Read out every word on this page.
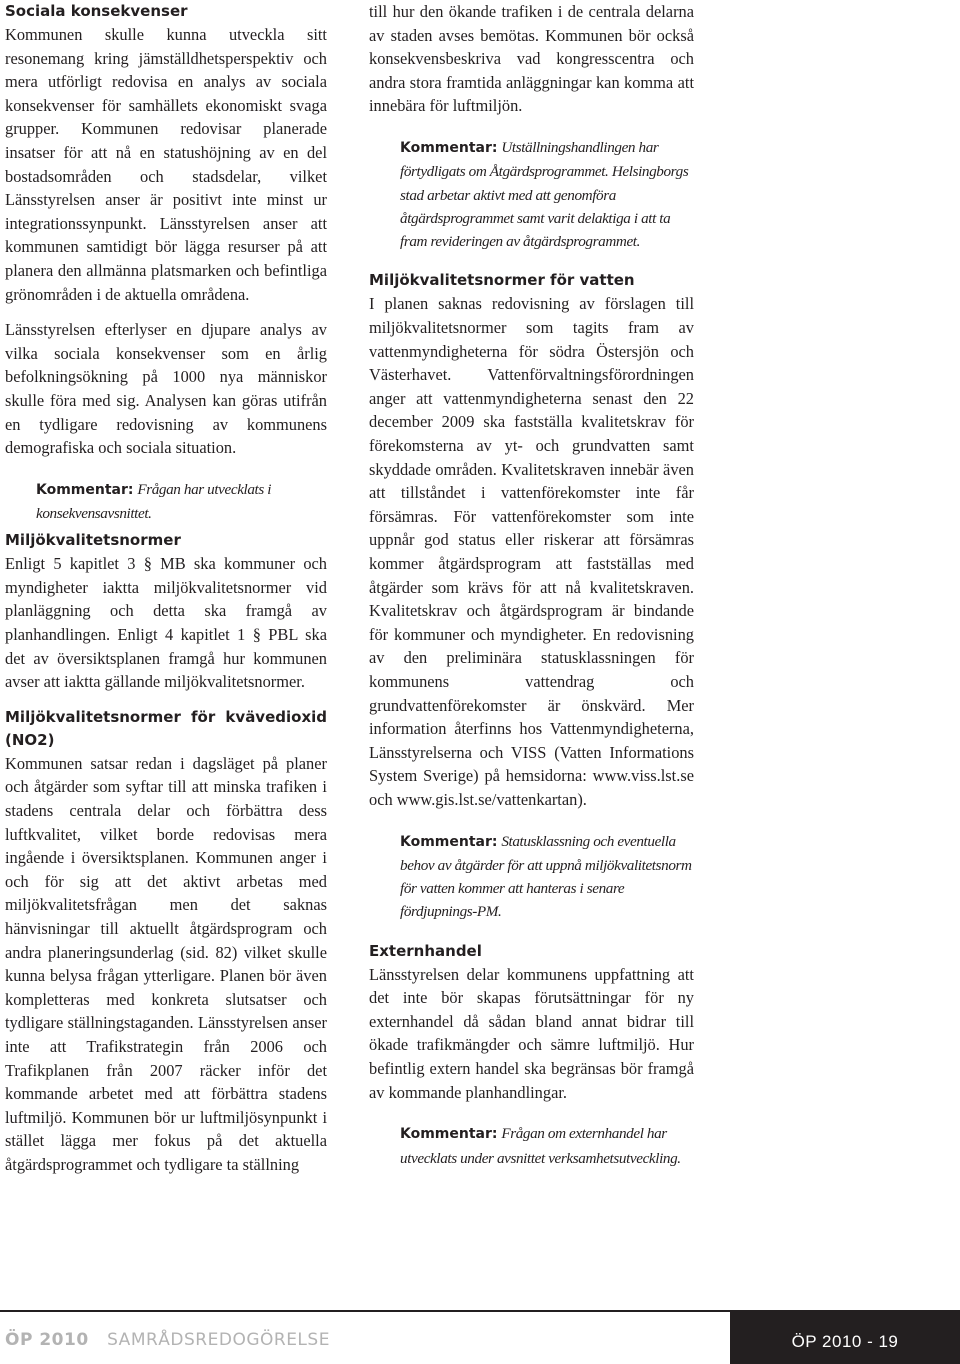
Sociala konsekvenser

Kommunen skulle kunna utveckla sitt resonemang kring jämställdhetsperspektiv och mera utförligt redovisa en analys av sociala konsekvenser för samhällets ekonomiskt svaga grupper. Kommunen redovisar planerade insatser för att nå en statushöjning av en del bostadsområden och stadsdelar, vilket Länsstyrelsen anser är positivt inte minst ur integrationssynpunkt. Länsstyrelsen anser att kommunen samtidigt bör lägga resurser på att planera den allmänna platsmarken och befintliga grönområden i de aktuella områdena.

Länsstyrelsen efterlyser en djupare analys av vilka sociala konsekvenser som en årlig befolkningsökning på 1000 nya människor skulle föra med sig. Analysen kan göras utifrån en tydligare redovisning av kommunens demografiska och sociala situation.

Kommentar: Frågan har utvecklats i konsekvensavsnittet.

Miljökvalitetsnormer

Enligt 5 kapitlet 3 § MB ska kommuner och myndigheter iaktta miljökvalitetsnormer vid planläggning och detta ska framgå av planhandlingen. Enligt 4 kapitlet 1 § PBL ska det av översiktsplanen framgå hur kommunen avser att iaktta gällande miljökvalitetsnormer.

Miljökvalitetsnormer för kvävedioxid
(NO2)

Kommunen satsar redan i dagsläget på planer och åtgärder som syftar till att minska trafiken i stadens centrala delar och förbättra dess luftkvalitet, vilket borde redovisas mera ingående i översiktsplanen. Kommunen anger i och för sig att det aktivt arbetas med miljökvalitetsfrågan men det saknas hänvisningar till aktuellt åtgärdsprogram och andra planeringsunderlag (sid. 82) vilket skulle kunna belysa frågan ytterligare. Planen bör även kompletteras med konkreta slutsatser och tydligare ställningstaganden. Länsstyrelsen anser inte att Trafikstrategin från 2006 och Trafikplanen från 2007 räcker inför det kommande arbetet med att förbättra stadens luftmiljö. Kommunen bör ur luftmiljösynpunkt i stället lägga mer fokus på det aktuella åtgärdsprogrammet och tydligare ta ställning

till hur den ökande trafiken i de centrala delarna av staden avses bemötas. Kommunen bör också konsekvensbeskriva vad kongresscentra och andra stora framtida anläggningar kan komma att innebära för luftmiljön.

Kommentar: Utställningshandlingen har förtydligats om Åtgärdsprogrammet. Helsingborgs stad arbetar aktivt med att genomföra åtgärdsprogrammet samt varit delaktiga i att ta fram revideringen av åtgärdsprogrammet.

Miljökvalitetsnormer för vatten

I planen saknas redovisning av förslagen till miljökvalitetsnormer som tagits fram av vattenmyndigheterna för södra Östersjön och Västerhavet. Vattenförvaltningsförordningen anger att vattenmyndigheterna senast den 22 december 2009 ska fastställa kvalitetskrav för förekomsterna av yt- och grundvatten samt skyddade områden. Kvalitetskraven innebär även att tillståndet i vattenförekomster inte får försämras. För vattenförekomster som inte uppnår god status eller riskerar att försämras kommer åtgärdsprogram att fastställas med åtgärder som krävs för att nå kvalitetskraven. Kvalitetskrav och åtgärdsprogram är bindande för kommuner och myndigheter. En redovisning av den preliminära statusklassningen för kommunens vattendrag och grundvattenförekomster är önskvärd. Mer information återfinns hos Vattenmyndigheterna, Länsstyrelserna och VISS (Vatten Informations System Sverige) på hemsidorna: www.viss.lst.se och www.gis.lst.se/vattenkartan).

Kommentar: Statusklassning och eventuella behov av åtgärder för att uppnå miljökvalitetsnorm för vatten kommer att hanteras i senare fördjupnings-PM.

Externhandel

Länsstyrelsen delar kommunens uppfattning att det inte bör skapas förutsättningar för ny externhandel då sådan bland annat bidrar till ökade trafikmängder och sämre luftmiljö. Hur befintlig extern handel ska begränsas bör framgå av kommande planhandlingar.

Kommentar: Frågan om externhandel har utvecklats under avsnittet verksamhetsutveckling.

ÖP 2010 SAMRÅDSREDOGÖRELSE	ÖP 2010 - 19
